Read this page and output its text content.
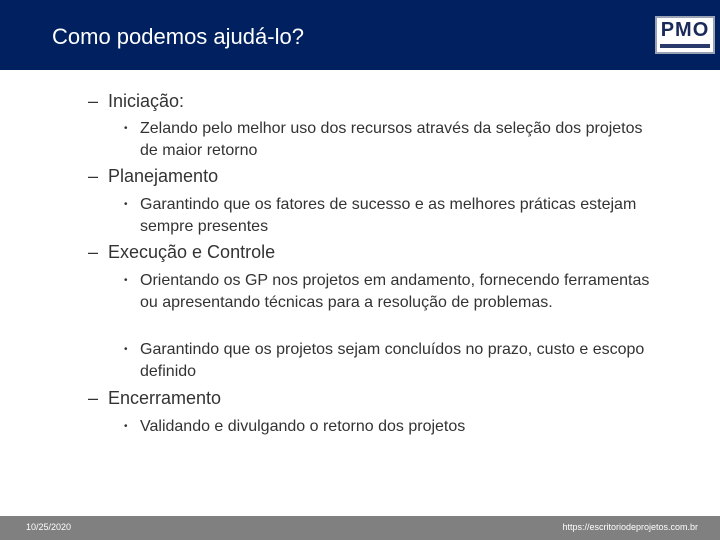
Como podemos ajudá-lo?	PMO
– Iniciação:
• Zelando pelo melhor uso dos recursos através da seleção dos projetos de maior retorno
– Planejamento
• Garantindo que os fatores de sucesso e as melhores práticas estejam sempre presentes
– Execução e Controle
• Orientando os GP nos projetos em andamento, fornecendo ferramentas ou apresentando técnicas para a resolução de problemas.
• Garantindo que os projetos sejam concluídos no prazo, custo e escopo definido
– Encerramento
• Validando e divulgando o retorno dos projetos
10/25/2020	https://escritoriodeprojetos.com.br
